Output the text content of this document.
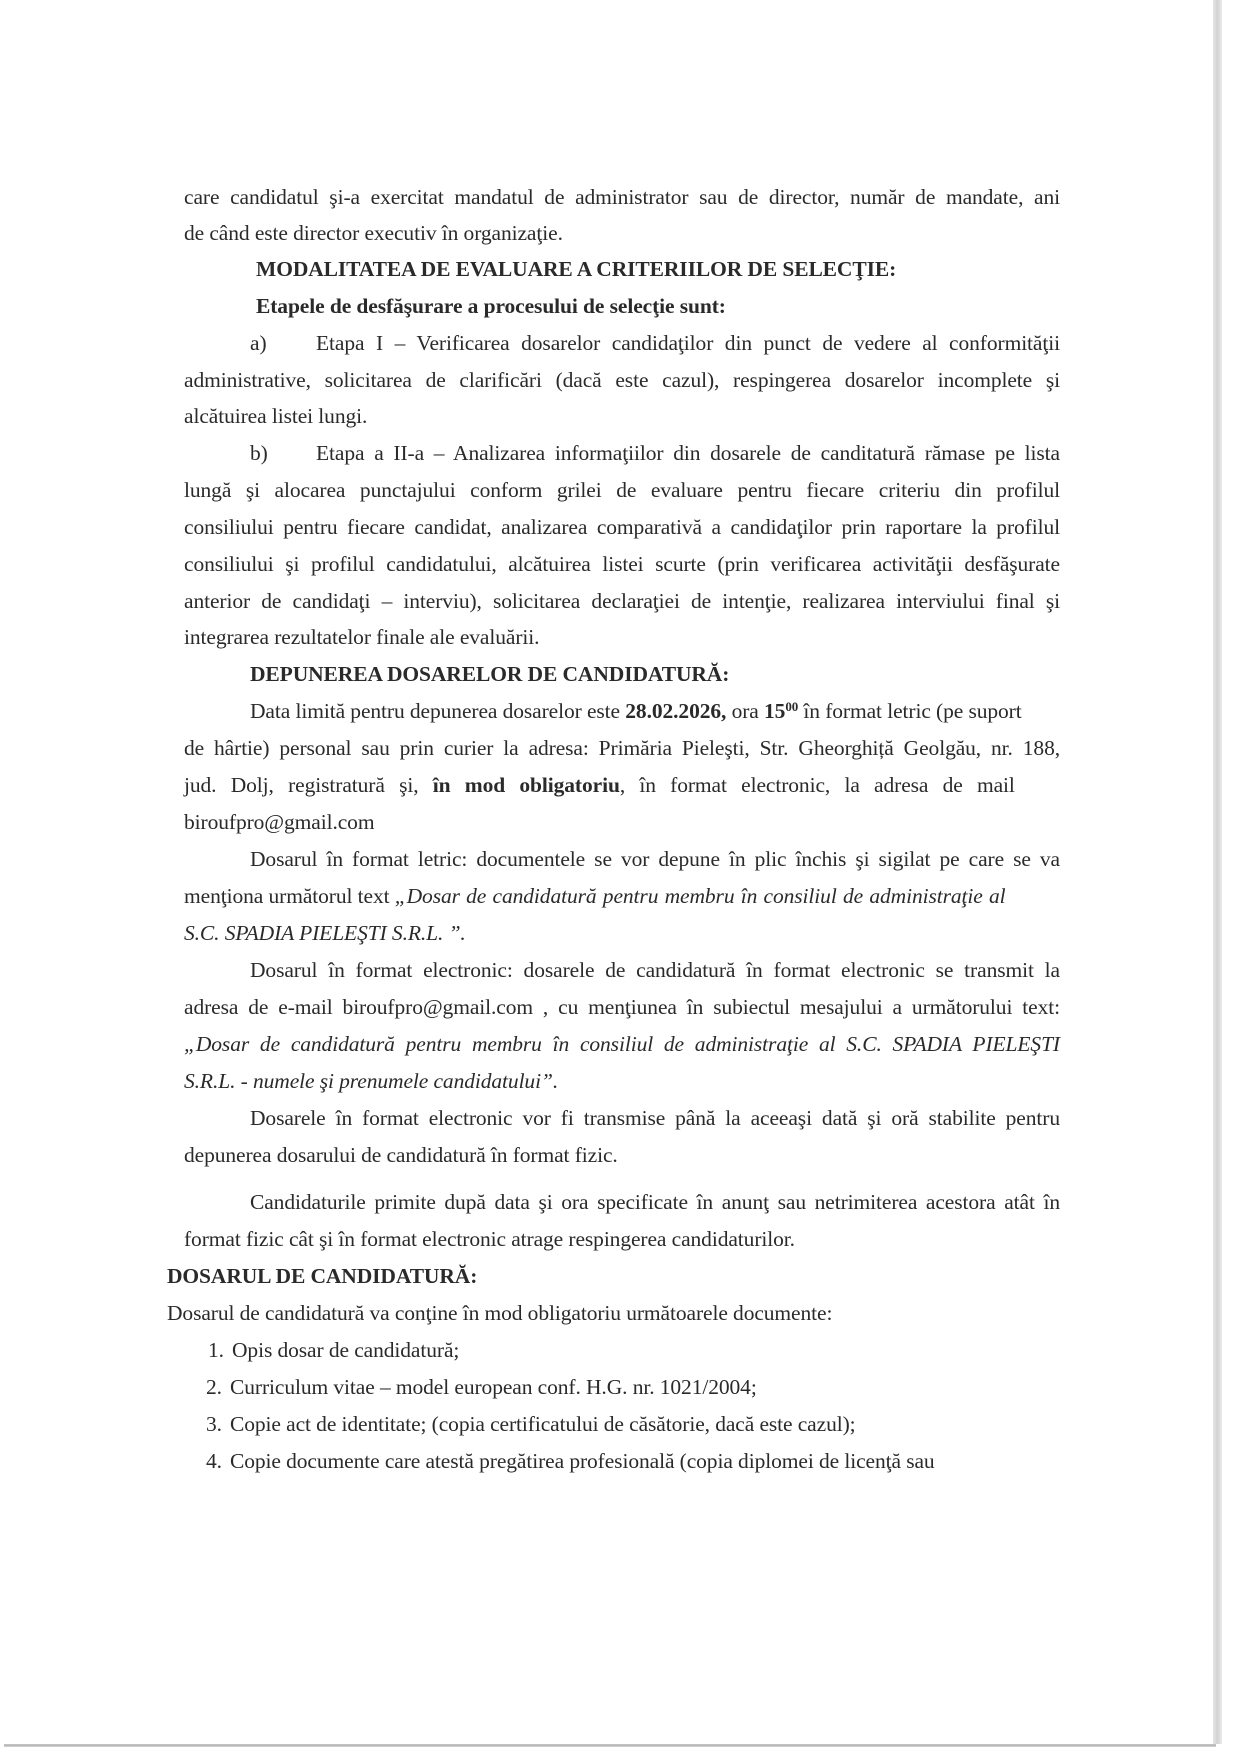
care candidatul şi-a exercitat mandatul de administrator sau de director, număr de mandate, ani
de când este director executiv în organizaţie.
MODALITATEA DE EVALUARE A CRITERIILOR DE SELECŢIE:
Etapele de desfăşurare a procesului de selecţie sunt:
a) Etapa I – Verificarea dosarelor candidaţilor din punct de vedere al conformităţii
administrative, solicitarea de clarificări (dacă este cazul), respingerea dosarelor incomplete şi
alcătuirea listei lungi.
b) Etapa a II-a – Analizarea informaţiilor din dosarele de canditatură rămase pe lista
lungă şi alocarea punctajului conform grilei de evaluare pentru fiecare criteriu din profilul
consiliului pentru fiecare candidat, analizarea comparativă a candidaţilor prin raportare la profilul
consiliului şi profilul candidatului, alcătuirea listei scurte (prin verificarea activităţii desfăşurate
anterior de candidaţi – interviu), solicitarea declaraţiei de intenţie, realizarea interviului final şi
integrarea rezultatelor finale ale evaluării.
DEPUNEREA DOSARELOR DE CANDIDATURĂ:
Data limită pentru depunerea dosarelor este 28.02.2026, ora $15^{00}$ în format letric (pe suport
de hârtie) personal sau prin curier la adresa: Primăria Pieleşti, Str. Gheorghiță Geolgău, nr. 188,
jud. Dolj, registratură şi, în mod obligatoriu, în format electronic, la adresa de mail
biroufpro@gmail.com
Dosarul în format letric: documentele se vor depune în plic închis şi sigilat pe care se va
menţiona următorul text „Dosar de candidatură pentru membru în consiliul de administraţie al
S.C. SPADIA PIELEŞTI S.R.L. ”.
Dosarul în format electronic: dosarele de candidatură în format electronic se transmit la
adresa de e-mail biroufpro@gmail.com , cu menţiunea în subiectul mesajului a următorului text:
„Dosar de candidatură pentru membru în consiliul de administraţie al S.C. SPADIA PIELEŞTI
S.R.L. - numele şi prenumele candidatului”.
Dosarele în format electronic vor fi transmise până la aceeaşi dată şi oră stabilite pentru
depunerea dosarului de candidatură în format fizic.
Candidaturile primite după data şi ora specificate în anunţ sau netrimiterea acestora atât în
format fizic cât şi în format electronic atrage respingerea candidaturilor.
DOSARUL DE CANDIDATURĂ:
Dosarul de candidatură va conţine în mod obligatoriu următoarele documente:
1. Opis dosar de candidatură;
2. Curriculum vitae – model european conf. H.G. nr. 1021/2004;
3. Copie act de identitate; (copia certificatului de căsătorie, dacă este cazul);
4. Copie documente care atestă pregătirea profesională (copia diplomei de licenţă sau
